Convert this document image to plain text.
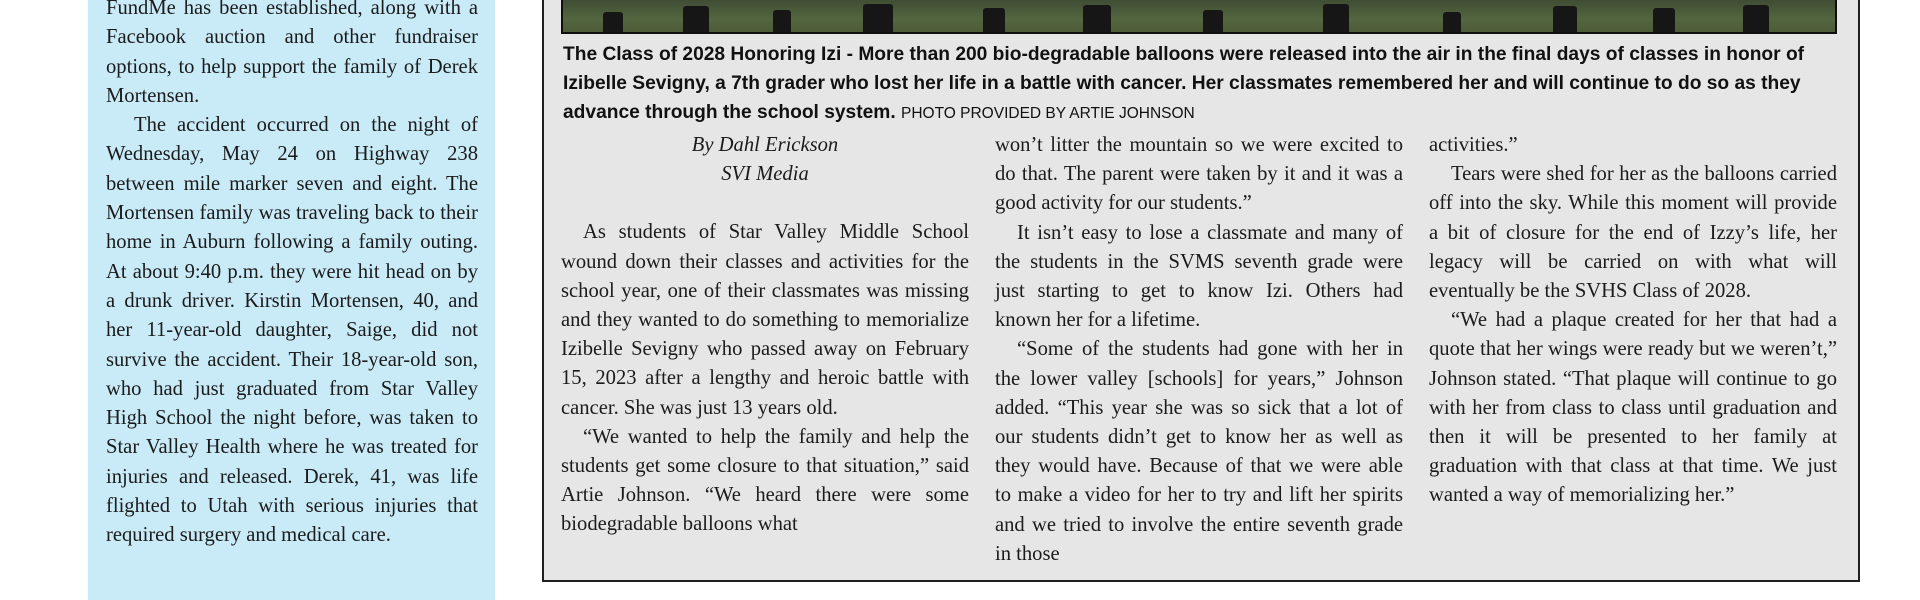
FundMe has been established, along with a Facebook auction and other fundraiser options, to help support the family of Derek Mortensen.

The accident occurred on the night of Wednesday, May 24 on Highway 238 between mile marker seven and eight. The Mortensen family was traveling back to their home in Auburn following a family outing. At about 9:40 p.m. they were hit head on by a drunk driver. Kirstin Mortensen, 40, and her 11-year-old daughter, Saige, did not survive the accident. Their 18-year-old son, who had just graduated from Star Valley High School the night before, was taken to Star Valley Health where he was treated for injuries and released. Derek, 41, was life flighted to Utah with serious injuries that required surgery and medical care.

The Class of 2028 Honoring Izi - More than 200 bio-degradable balloons were released into the air in the final days of classes in honor of Izibelle Sevigny, a 7th grader who lost her life in a battle with cancer. Her classmates remembered her and will continue to do so as they advance through the school system. PHOTO PROVIDED BY ARTIE JOHNSON

By Dahl Erickson

SVI Media

As students of Star Valley Middle School wound down their classes and activities for the school year, one of their classmates was missing and they wanted to do something to memorialize Izibelle Sevigny who passed away on February 15, 2023 after a lengthy and heroic battle with cancer. She was just 13 years old.

“We wanted to help the family and help the students get some closure to that situation,” said Artie Johnson. “We heard there were some biodegradable balloons what

won’t litter the mountain so we were excited to do that. The parent were taken by it and it was a good activity for our students.”

It isn’t easy to lose a classmate and many of the students in the SVMS seventh grade were just starting to get to know Izi. Others had known her for a lifetime.

“Some of the students had gone with her in the lower valley [schools] for years,” Johnson added. “This year she was so sick that a lot of our students didn’t get to know her as well as they would have. Because of that we were able to make a video for her to try and lift her spirits and we tried to involve the entire seventh grade in those

activities.”

Tears were shed for her as the balloons carried off into the sky. While this moment will provide a bit of closure for the end of Izzy’s life, her legacy will be carried on with what will eventually be the SVHS Class of 2028.

“We had a plaque created for her that had a quote that her wings were ready but we weren’t,” Johnson stated. “That plaque will continue to go with her from class to class until graduation and then it will be presented to her family at graduation with that class at that time. We just wanted a way of memorializing her.”
